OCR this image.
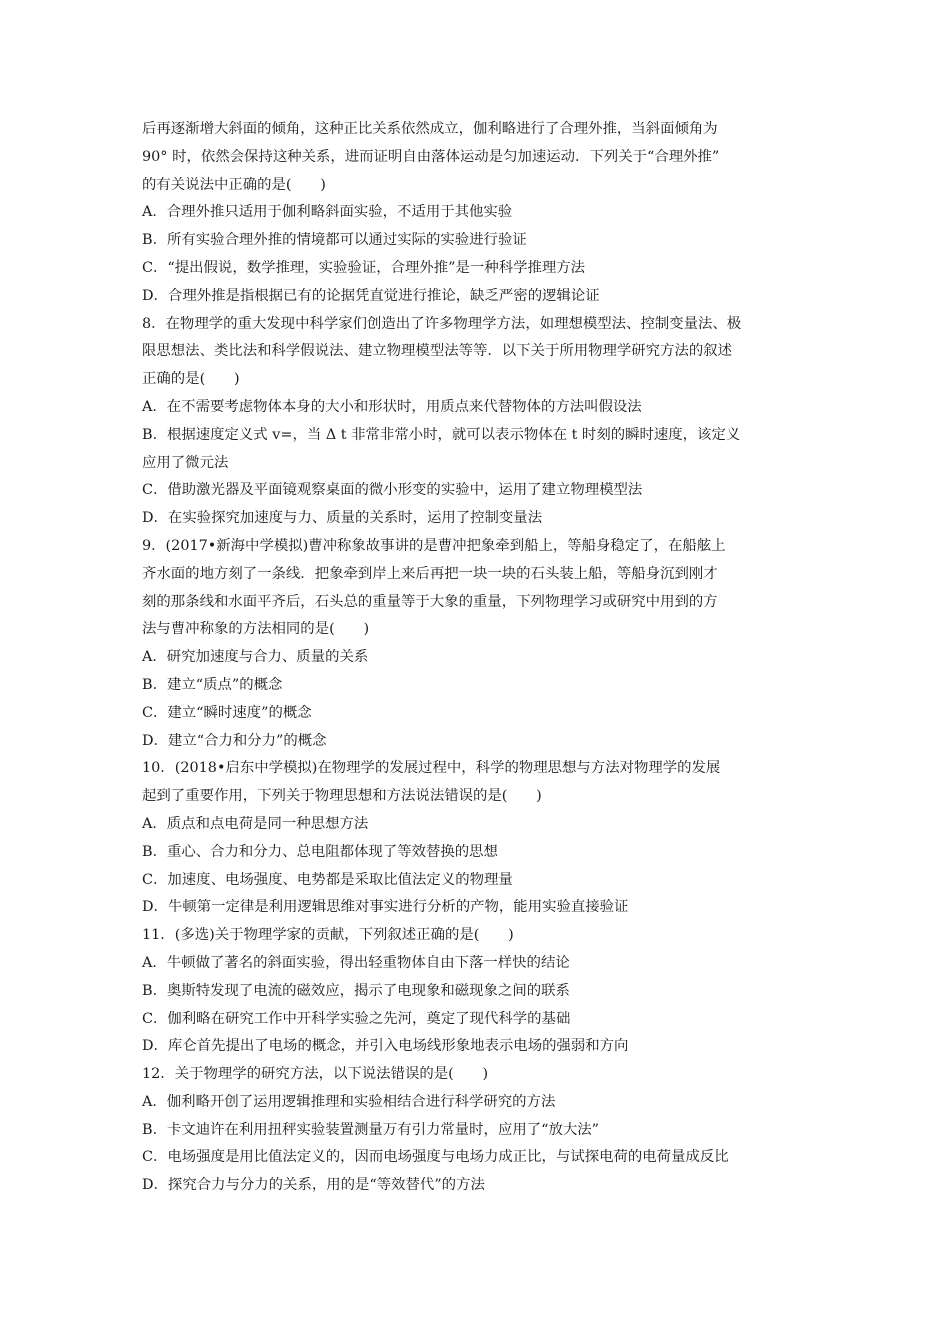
后再逐渐增大斜面的倾角，这种正比关系依然成立，伽利略进行了合理外推，当斜面倾角为
90° 时，依然会保持这种关系，进而证明自由落体运动是匀加速运动．下列关于“合理外推”
的有关说法中正确的是(　　)
A．合理外推只适用于伽利略斜面实验，不适用于其他实验
B．所有实验合理外推的情境都可以通过实际的实验进行验证
C．“提出假说，数学推理，实验验证，合理外推”是一种科学推理方法
D．合理外推是指根据已有的论据凭直觉进行推论，缺乏严密的逻辑论证
8．在物理学的重大发现中科学家们创造出了许多物理学方法，如理想模型法、控制变量法、极
限思想法、类比法和科学假说法、建立物理模型法等等．以下关于所用物理学研究方法的叙述
正确的是(　　)
A．在不需要考虑物体本身的大小和形状时，用质点来代替物体的方法叫假设法
B．根据速度定义式 v=，当 Δ t 非常非常小时，就可以表示物体在 t 时刻的瞬时速度，该定义
应用了微元法
C．借助激光器及平面镜观察桌面的微小形变的实验中，运用了建立物理模型法
D．在实验探究加速度与力、质量的关系时，运用了控制变量法
9．(2017•新海中学模拟)曹冲称象故事讲的是曹冲把象牵到船上，等船身稳定了，在船舷上
齐水面的地方刻了一条线．把象牵到岸上来后再把一块一块的石头装上船，等船身沉到刚才
刻的那条线和水面平齐后，石头总的重量等于大象的重量，下列物理学习或研究中用到的方
法与曹冲称象的方法相同的是(　　)
A．研究加速度与合力、质量的关系
B．建立“质点”的概念
C．建立“瞬时速度”的概念
D．建立“合力和分力”的概念
10．(2018•启东中学模拟)在物理学的发展过程中，科学的物理思想与方法对物理学的发展
起到了重要作用，下列关于物理思想和方法说法错误的是(　　)
A．质点和点电荷是同一种思想方法
B．重心、合力和分力、总电阻都体现了等效替换的思想
C．加速度、电场强度、电势都是采取比值法定义的物理量
D．牛顿第一定律是利用逻辑思维对事实进行分析的产物，能用实验直接验证
11．(多选)关于物理学家的贡献，下列叙述正确的是(　　)
A．牛顿做了著名的斜面实验，得出轻重物体自由下落一样快的结论
B．奥斯特发现了电流的磁效应，揭示了电现象和磁现象之间的联系
C．伽利略在研究工作中开科学实验之先河，奠定了现代科学的基础
D．库仑首先提出了电场的概念，并引入电场线形象地表示电场的强弱和方向
12．关于物理学的研究方法，以下说法错误的是(　　)
A．伽利略开创了运用逻辑推理和实验相结合进行科学研究的方法
B．卡文迪许在利用扭秤实验装置测量万有引力常量时，应用了“放大法”
C．电场强度是用比值法定义的，因而电场强度与电场力成正比，与试探电荷的电荷量成反比
D．探究合力与分力的关系，用的是“等效替代”的方法
